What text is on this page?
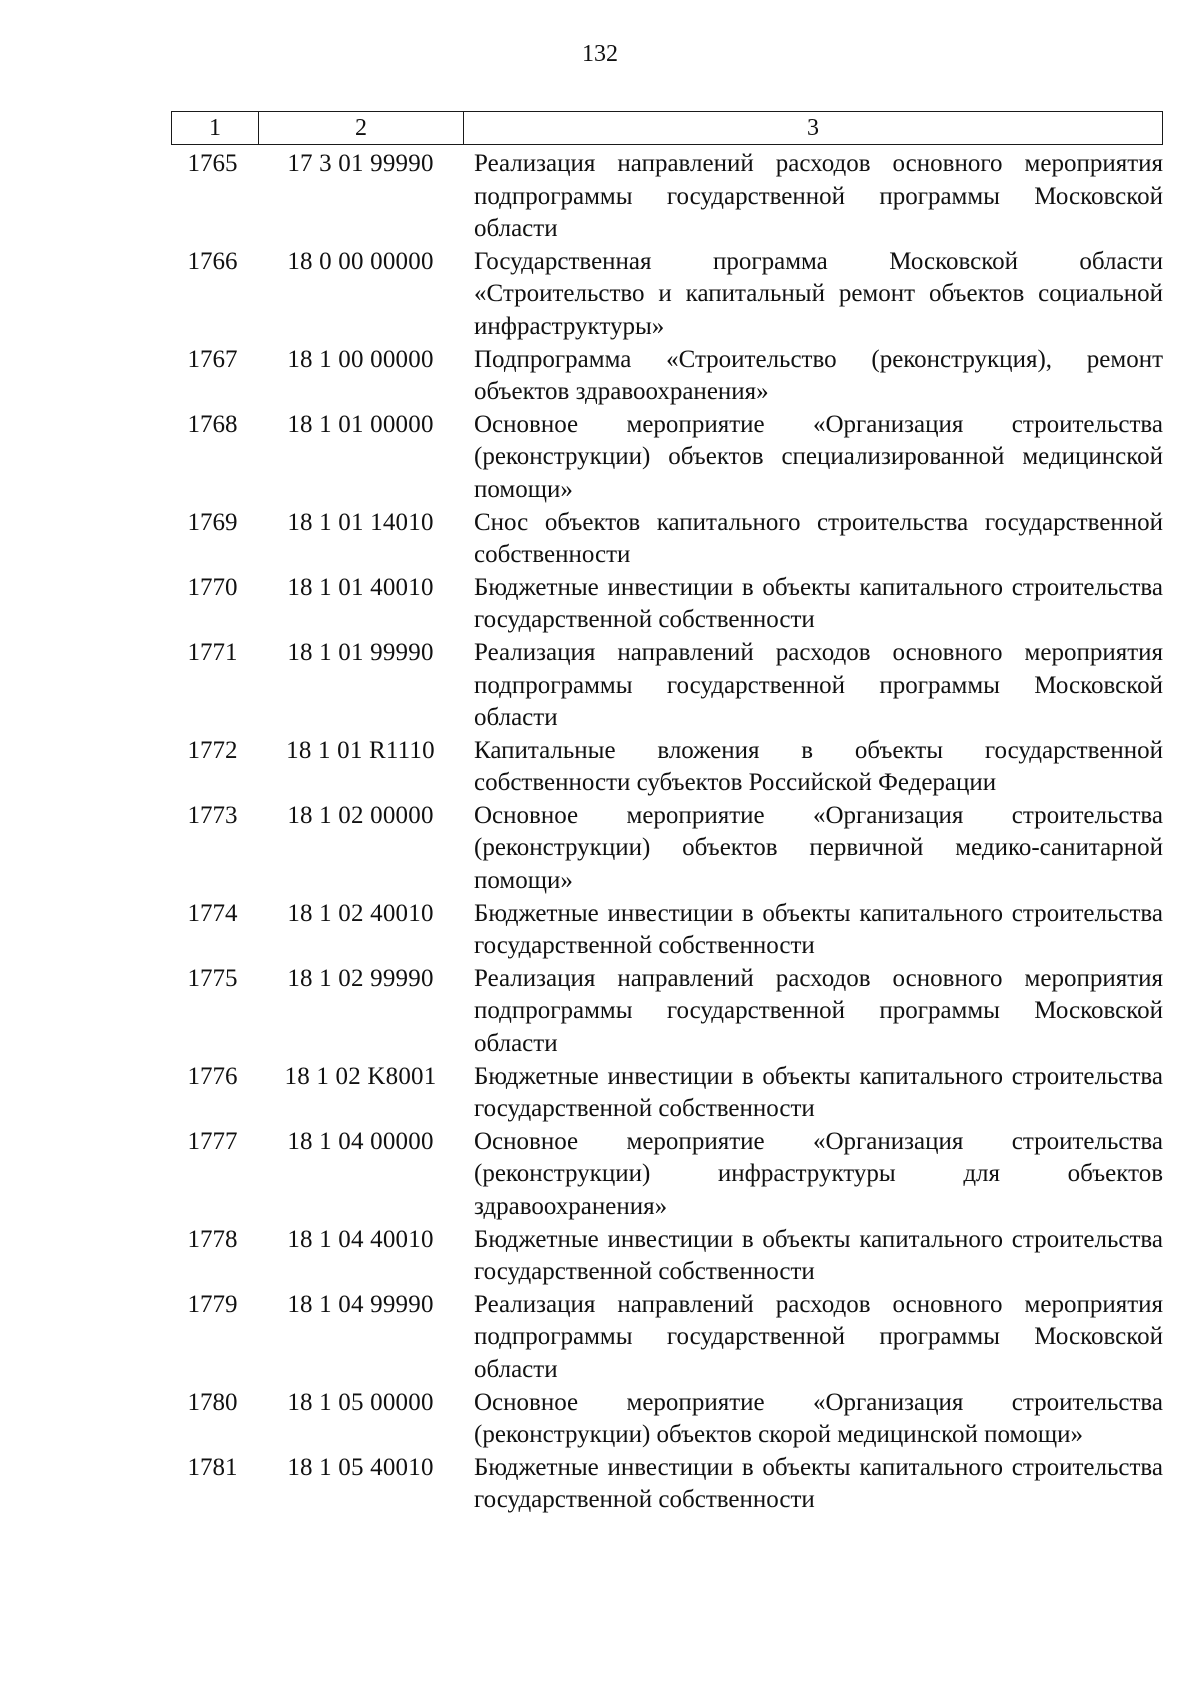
132
1	2	3
1765	17 3 01 99990	Реализация направлений расходов основного мероприятия подпрограммы государственной программы Московской области
1766	18 0 00 00000	Государственная программа Московской области «Строительство и капитальный ремонт объектов социальной инфраструктуры»
1767	18 1 00 00000	Подпрограмма «Строительство (реконструкция), ремонт объектов здравоохранения»
1768	18 1 01 00000	Основное мероприятие «Организация строительства (реконструкции) объектов специализированной медицинской помощи»
1769	18 1 01 14010	Снос объектов капитального строительства государственной собственности
1770	18 1 01 40010	Бюджетные инвестиции в объекты капитального строительства государственной собственности
1771	18 1 01 99990	Реализация направлений расходов основного мероприятия подпрограммы государственной программы Московской области
1772	18 1 01 R1110	Капитальные вложения в объекты государственной собственности субъектов Российской Федерации
1773	18 1 02 00000	Основное мероприятие «Организация строительства (реконструкции) объектов первичной медико-санитарной помощи»
1774	18 1 02 40010	Бюджетные инвестиции в объекты капитального строительства государственной собственности
1775	18 1 02 99990	Реализация направлений расходов основного мероприятия подпрограммы государственной программы Московской области
1776	18 1 02 K8001	Бюджетные инвестиции в объекты капитального строительства государственной собственности
1777	18 1 04 00000	Основное мероприятие «Организация строительства (реконструкции) инфраструктуры для объектов здравоохранения»
1778	18 1 04 40010	Бюджетные инвестиции в объекты капитального строительства государственной собственности
1779	18 1 04 99990	Реализация направлений расходов основного мероприятия подпрограммы государственной программы Московской области
1780	18 1 05 00000	Основное мероприятие «Организация строительства (реконструкции) объектов скорой медицинской помощи»
1781	18 1 05 40010	Бюджетные инвестиции в объекты капитального строительства государственной собственности
